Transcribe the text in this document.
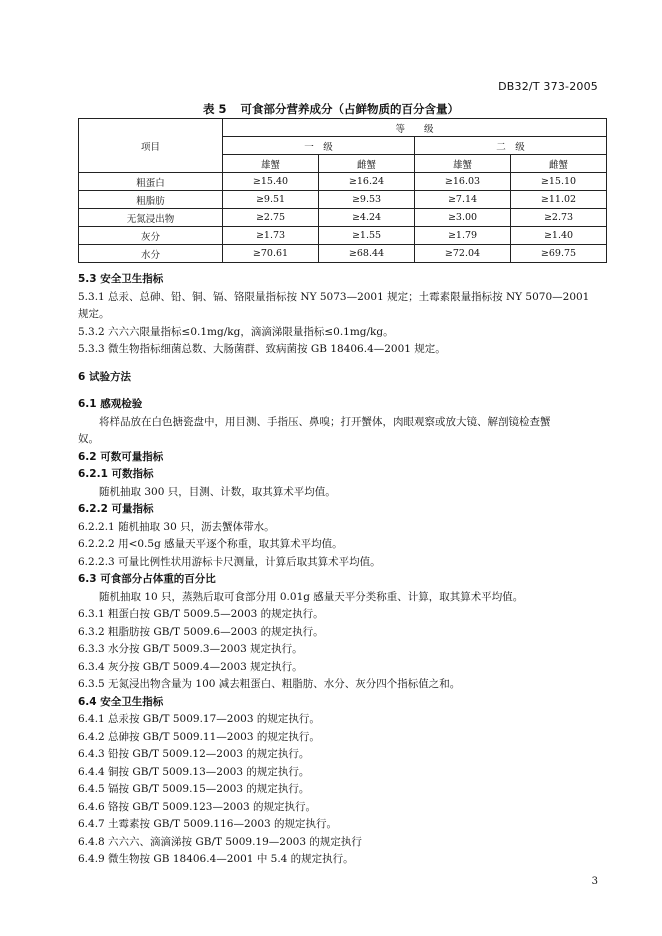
DB32/T 373-2005
表 5 可食部分营养成分（占鲜物质的百分含量）
项目	等　　级			
	一　级		二　级	
	雄蟹	雌蟹	雄蟹	雌蟹
粗蛋白	≥15.40	≥16.24	≥16.03	≥15.10
粗脂肪	≥9.51	≥9.53	≥7.14	≥11.02
无氮浸出物	≥2.75	≥4.24	≥3.00	≥2.73
灰分	≥1.73	≥1.55	≥1.79	≥1.40
水分	≥70.61	≥68.44	≥72.04	≥69.75

5.3 安全卫生指标

5.3.1 总汞、总砷、铅、铜、镉、铬限量指标按 NY 5073—2001 规定；土霉素限量指标按 NY 5070—2001

规定。

5.3.2 六六六限量指标≤0.1mg/kg，滴滴涕限量指标≤0.1mg/kg。

5.3.3 微生物指标细菌总数、大肠菌群、致病菌按 GB 18406.4—2001 规定。

6 试验方法

6.1 感观检验

将样品放在白色搪瓷盘中，用目测、手指压、鼻嗅；打开蟹体，肉眼观察或放大镜、解剖镜检查蟹

奴。

6.2 可数可量指标

6.2.1 可数指标

随机抽取 300 只，目测、计数，取其算术平均值。

6.2.2 可量指标

6.2.2.1 随机抽取 30 只，沥去蟹体带水。

6.2.2.2 用<0.5g 感量天平逐个称重，取其算术平均值。

6.2.2.3 可量比例性状用游标卡尺测量，计算后取其算术平均值。

6.3 可食部分占体重的百分比

随机抽取 10 只，蒸熟后取可食部分用 0.01g 感量天平分类称重、计算，取其算术平均值。

6.3.1 粗蛋白按 GB/T 5009.5—2003 的规定执行。

6.3.2 粗脂肪按 GB/T 5009.6—2003 的规定执行。

6.3.3 水分按 GB/T 5009.3—2003 规定执行。

6.3.4 灰分按 GB/T 5009.4—2003 规定执行。

6.3.5 无氮浸出物含量为 100 减去粗蛋白、粗脂肪、水分、灰分四个指标值之和。

6.4 安全卫生指标

6.4.1 总汞按 GB/T 5009.17—2003 的规定执行。

6.4.2 总砷按 GB/T 5009.11—2003 的规定执行。

6.4.3 铅按 GB/T 5009.12—2003 的规定执行。

6.4.4 铜按 GB/T 5009.13—2003 的规定执行。

6.4.5 镉按 GB/T 5009.15—2003 的规定执行。

6.4.6 铬按 GB/T 5009.123—2003 的规定执行。

6.4.7 土霉素按 GB/T 5009.116—2003 的规定执行。

6.4.8 六六六、滴滴涕按 GB/T 5009.19—2003 的规定执行

6.4.9 微生物按 GB 18406.4—2001 中 5.4 的规定执行。

3
